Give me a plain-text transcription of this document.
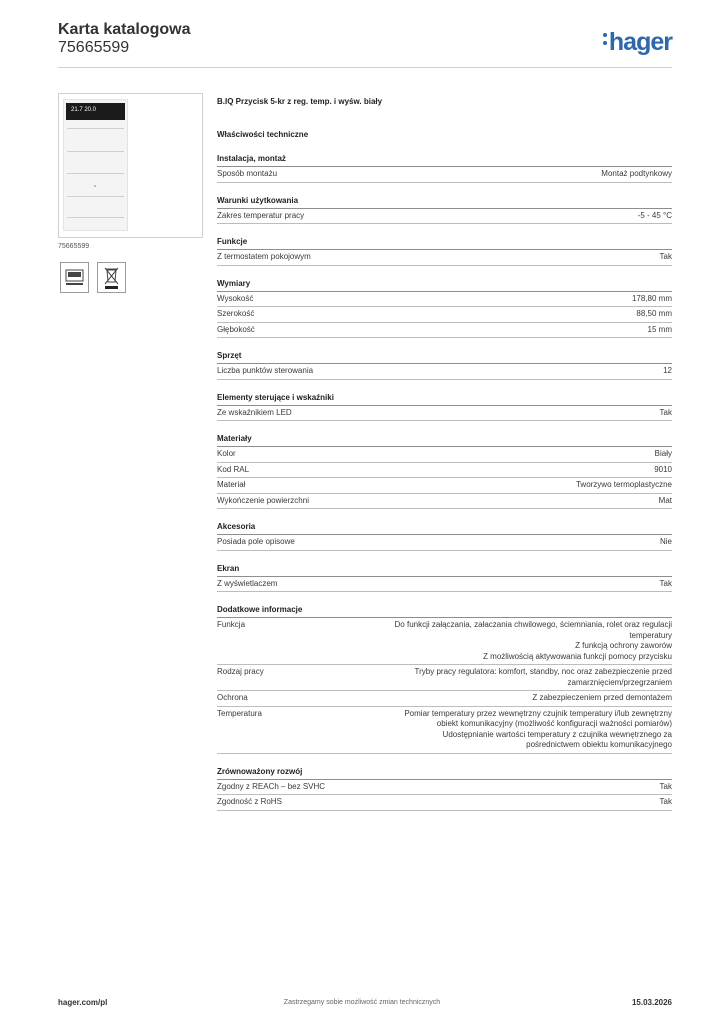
Karta katalogowa
75665599	hager
21.7 20.0
75665599
B.IQ Przycisk 5-kr z reg. temp. i wyśw. biały
Właściwości techniczne
Instalacja, montaż
Sposób montażu	Montaż podtynkowy
Warunki użytkowania
Zakres temperatur pracy	-5 - 45 °C
Funkcje
Z termostatem pokojowym	Tak
Wymiary
Wysokość	178,80 mm
Szerokość	88,50 mm
Głębokość	15 mm
Sprzęt
Liczba punktów sterowania	12
Elementy sterujące i wskaźniki
Ze wskaźnikiem LED	Tak
Materiały
Kolor	Biały
Kod RAL	9010
Materiał	Tworzywo termoplastyczne
Wykończenie powierzchni	Mat
Akcesoria
Posiada pole opisowe	Nie
Ekran
Z wyświetlaczem	Tak
Dodatkowe informacje
Funkcja	Do funkcji załączania, załaczania chwilowego, ściemniania, rolet oraz regulacji
temperatury
Z funkcją ochrony zaworów
Z możliwością aktywowania funkcji pomocy przycisku
Rodzaj pracy	Tryby pracy regulatora: komfort, standby, noc oraz zabezpieczenie przed
zamarznięciem/przegrzaniem
Ochrona	Z zabezpieczeniem przed demontażem
Temperatura	Pomiar temperatury przez wewnętrzny czujnik temperatury i/lub zewnętrzny
obiekt komunikacyjny (możliwość konfiguracji ważności pomiarów)
Udostępnianie wartości temperatury z czujnika wewnętrznego za
pośrednictwem obiektu komunikacyjnego
Zrównoważony rozwój
Zgodny z REACh – bez SVHC	Tak
Zgodność z RoHS	Tak
hager.com/pl	Zastrzegamy sobie możliwość zmian technicznych	15.03.2026
